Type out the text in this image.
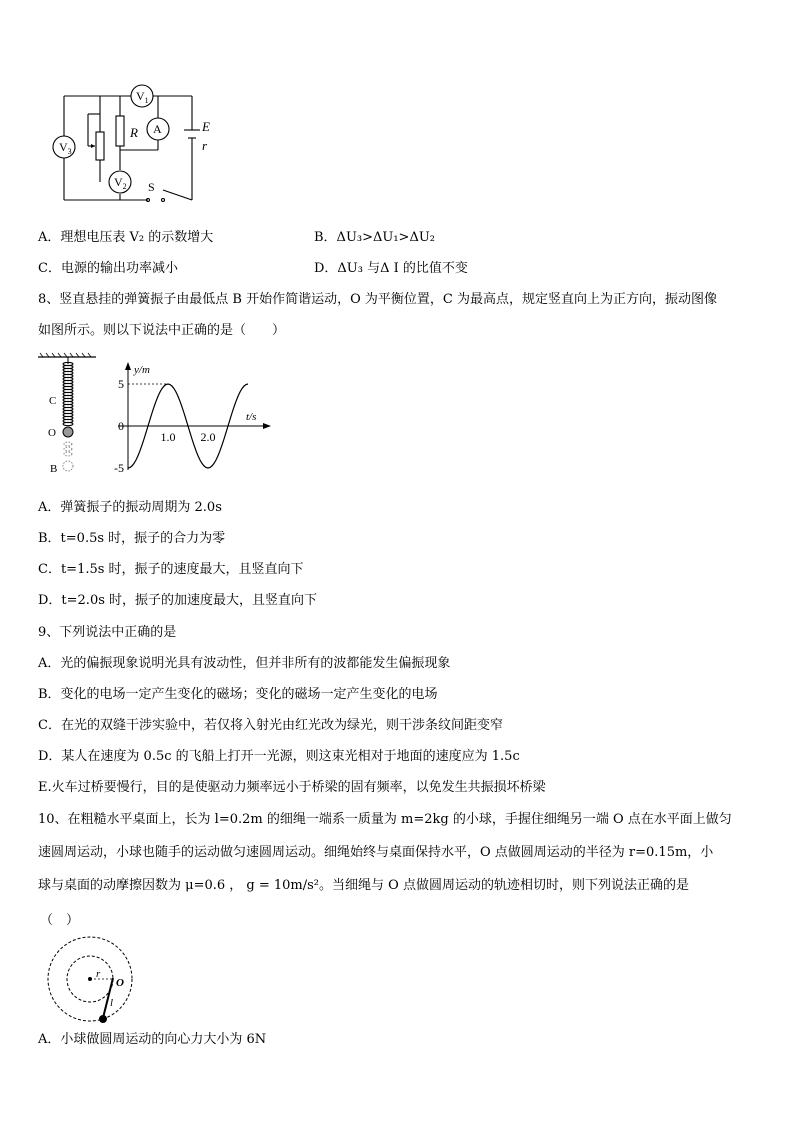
$V_3$
$V_1$
A
$V_2$
R
S
E
r
A．理想电压表 V₂ 的示数增大	B．ΔU₃>ΔU₁>ΔU₂
C．电源的输出功率减小	D．ΔU₃ 与Δ I 的比值不变
8、竖直悬挂的弹簧振子由最低点 B 开始作简谐运动，O 为平衡位置，C 为最高点，规定竖直向上为正方向，振动图像
如图所示。则以下说法中正确的是（　　）
C
O
B
y/m
t/s
5
0
-5
1.0 2.0
A．弹簧振子的振动周期为 2.0s
B．t=0.5s 时，振子的合力为零
C．t=1.5s 时，振子的速度最大，且竖直向下
D．t=2.0s 时，振子的加速度最大，且竖直向下
9、下列说法中正确的是
A．光的偏振现象说明光具有波动性，但并非所有的波都能发生偏振现象
B．变化的电场一定产生变化的磁场；变化的磁场一定产生变化的电场
C．在光的双缝干涉实验中，若仅将入射光由红光改为绿光，则干涉条纹间距变窄
D．某人在速度为 0.5c 的飞船上打开一光源，则这束光相对于地面的速度应为 1.5c
E.火车过桥要慢行，目的是使驱动力频率远小于桥梁的固有频率，以免发生共振损坏桥梁
10、在粗糙水平桌面上，长为 l=0.2m 的细绳一端系一质量为 m=2kg 的小球，手握住细绳另一端 O 点在水平面上做匀
速圆周运动，小球也随手的运动做匀速圆周运动。细绳始终与桌面保持水平，O 点做圆周运动的半径为 r=0.15m，小
球与桌面的动摩擦因数为 μ=0.6 ， g = 10m/s²。当细绳与 O 点做圆周运动的轨迹相切时，则下列说法正确的是
（　）
r
O
l
A．小球做圆周运动的向心力大小为 6N
